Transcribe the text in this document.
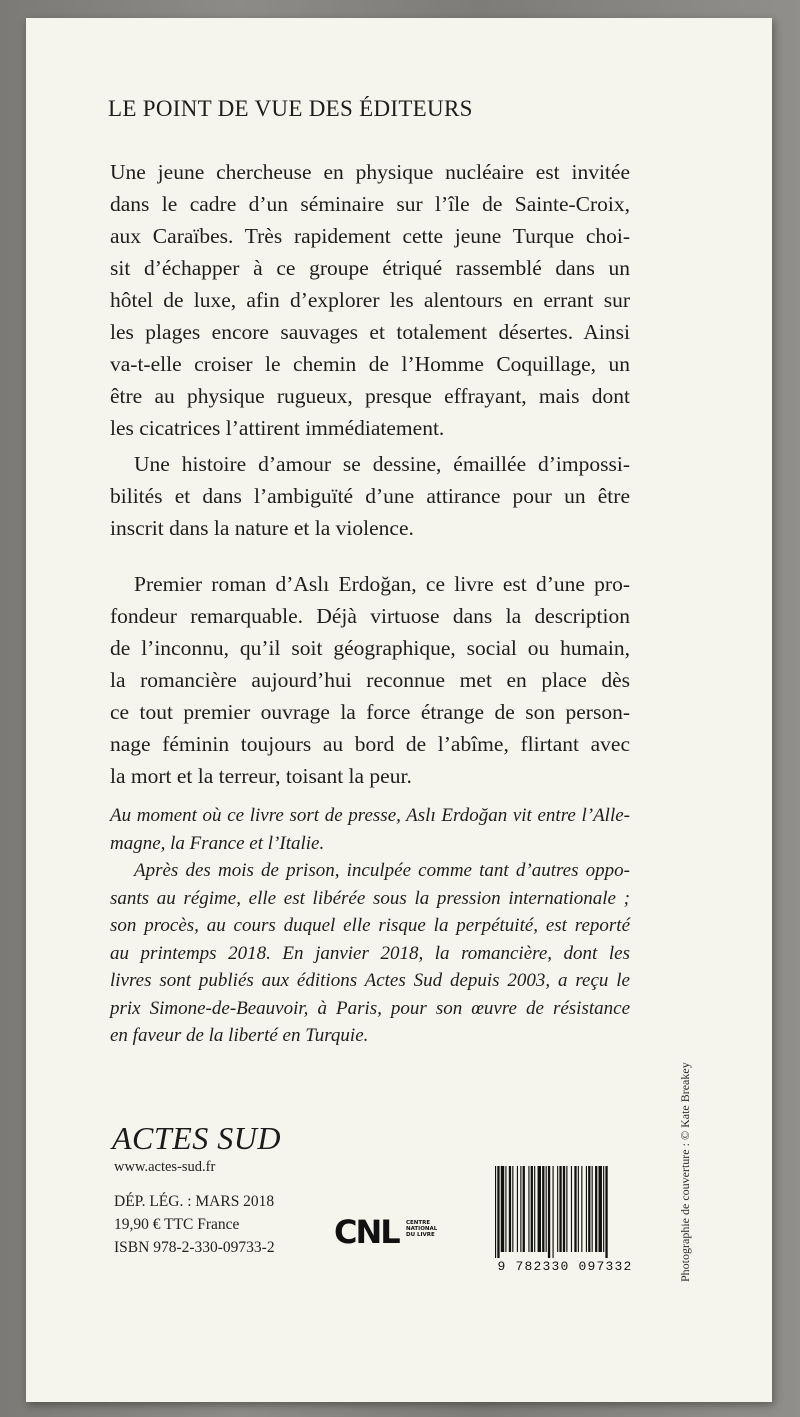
LE POINT DE VUE DES ÉDITEURS
Une jeune chercheuse en physique nucléaire est invitée
dans le cadre d’un séminaire sur l’île de Sainte-Croix,
aux Caraïbes. Très rapidement cette jeune Turque choi-
sit d’échapper à ce groupe étriqué rassemblé dans un
hôtel de luxe, afin d’explorer les alentours en errant sur
les plages encore sauvages et totalement désertes. Ainsi
va-t-elle croiser le chemin de l’Homme Coquillage, un
être au physique rugueux, presque effrayant, mais dont
les cicatrices l’attirent immédiatement.
Une histoire d’amour se dessine, émaillée d’impossi-
bilités et dans l’ambiguïté d’une attirance pour un être
inscrit dans la nature et la violence.
Premier roman d’Aslı Erdoğan, ce livre est d’une pro-
fondeur remarquable. Déjà virtuose dans la description
de l’inconnu, qu’il soit géographique, social ou humain,
la romancière aujourd’hui reconnue met en place dès
ce tout premier ouvrage la force étrange de son person-
nage féminin toujours au bord de l’abîme, flirtant avec
la mort et la terreur, toisant la peur.
Au moment où ce livre sort de presse, Aslı Erdoğan vit entre l’Alle-
magne, la France et l’Italie.
Après des mois de prison, inculpée comme tant d’autres oppo-
sants au régime, elle est libérée sous la pression internationale ;
son procès, au cours duquel elle risque la perpétuité, est reporté
au printemps 2018. En janvier 2018, la romancière, dont les
livres sont publiés aux éditions Actes Sud depuis 2003, a reçu le
prix Simone-de-Beauvoir, à Paris, pour son œuvre de résistance
en faveur de la liberté en Turquie.
ACTES SUD
www.actes-sud.fr
DÉP. LÉG. : MARS 2018
19,90 € TTC France
ISBN 978-2-330-09733-2 CNL CENTRE
NATIONAL
DU LIVRE
9 782330 097332	Photographie de couverture : © Kate Breakey
